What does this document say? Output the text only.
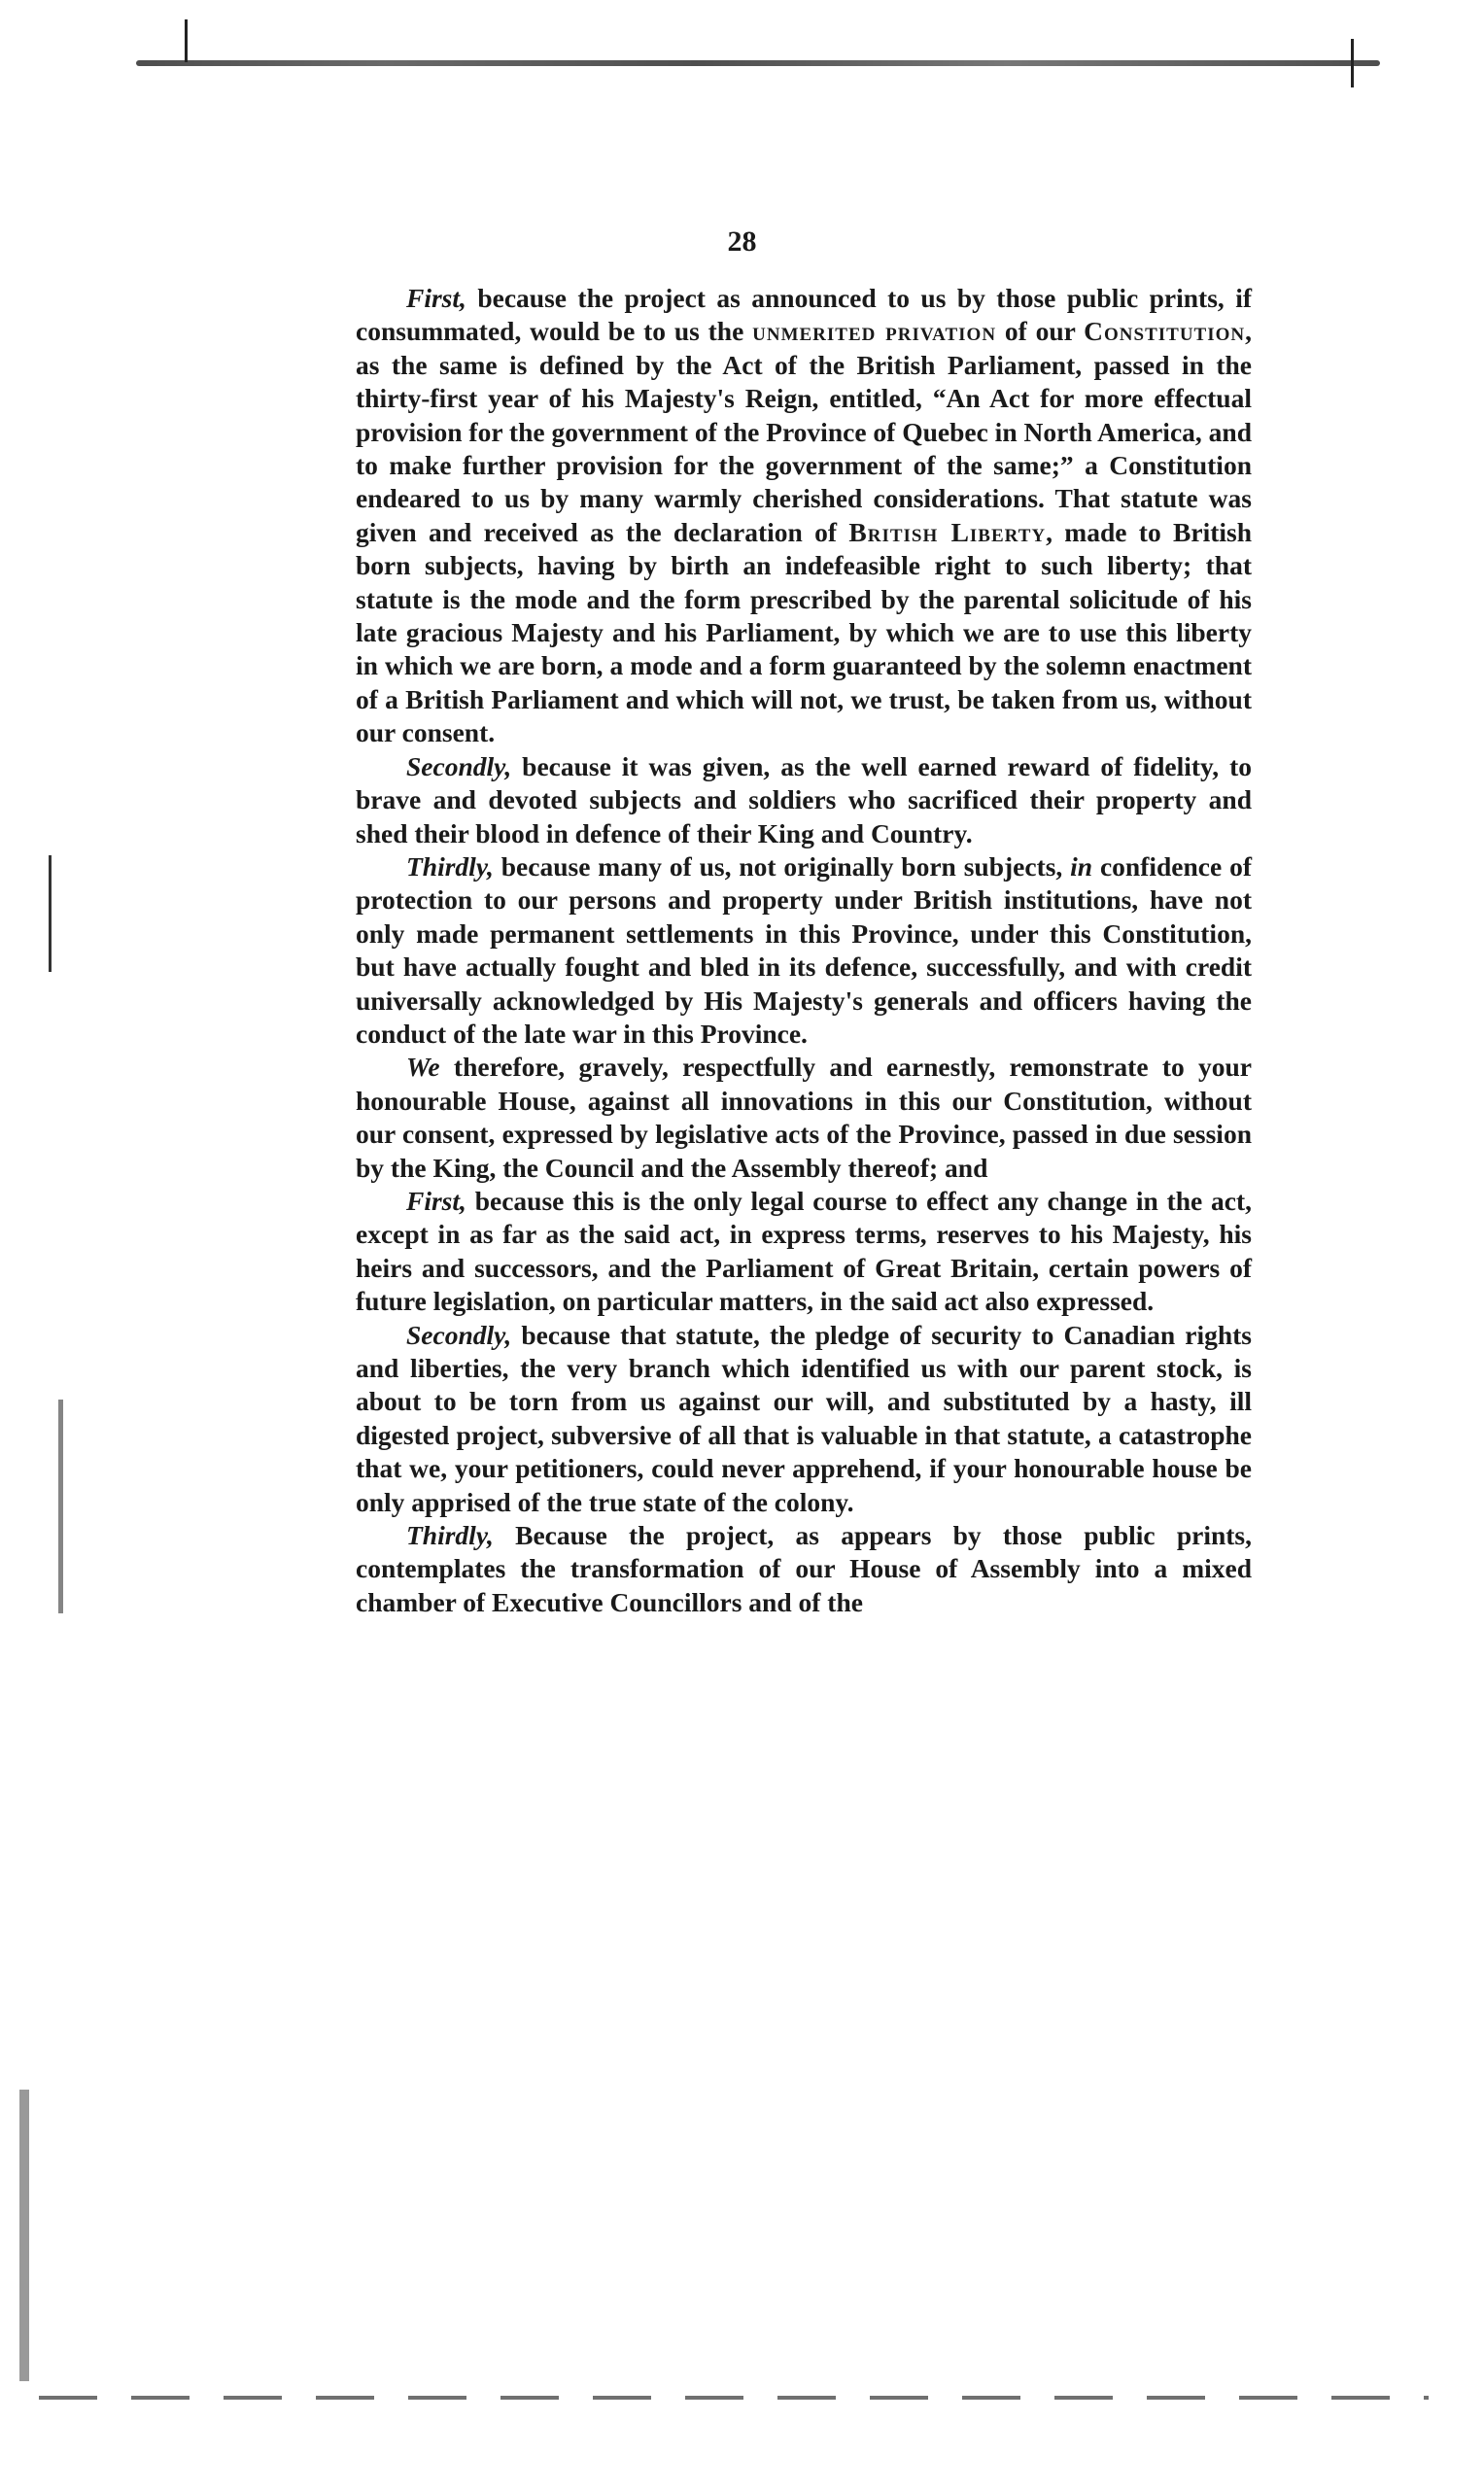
28

First, because the project as announced to us by those public prints, if consummated, would be to us the unmerited privation of our Constitution, as the same is defined by the Act of the British Parliament, passed in the thirty-first year of his Majesty's Reign, entitled, “An Act for more effectual provision for the government of the Province of Quebec in North America, and to make further provision for the government of the same;” a Constitution endeared to us by many warmly cherished considerations. That statute was given and received as the declaration of British Liberty, made to British born subjects, having by birth an indefeasible right to such liberty; that statute is the mode and the form prescribed by the parental solicitude of his late gracious Majesty and his Parliament, by which we are to use this liberty in which we are born, a mode and a form guaranteed by the solemn enactment of a British Parliament and which will not, we trust, be taken from us, without our consent.

Secondly, because it was given, as the well earned reward of fidelity, to brave and devoted subjects and soldiers who sacrificed their property and shed their blood in defence of their King and Country.

Thirdly, because many of us, not originally born subjects, in confidence of protection to our persons and property under British institutions, have not only made permanent settlements in this Province, under this Constitution, but have actually fought and bled in its defence, successfully, and with credit universally acknowledged by His Majesty's generals and officers having the conduct of the late war in this Province.

We therefore, gravely, respectfully and earnestly, remonstrate to your honourable House, against all innovations in this our Constitution, without our consent, expressed by legislative acts of the Province, passed in due session by the King, the Council and the Assembly thereof; and

First, because this is the only legal course to effect any change in the act, except in as far as the said act, in express terms, reserves to his Majesty, his heirs and successors, and the Parliament of Great Britain, certain powers of future legislation, on particular matters, in the said act also expressed.

Secondly, because that statute, the pledge of security to Canadian rights and liberties, the very branch which identified us with our parent stock, is about to be torn from us against our will, and substituted by a hasty, ill digested project, subversive of all that is valuable in that statute, a catastrophe that we, your petitioners, could never apprehend, if your honourable house be only apprised of the true state of the colony.

Thirdly, Because the project, as appears by those public prints, contemplates the transformation of our House of Assembly into a mixed chamber of Executive Councillors and of the
